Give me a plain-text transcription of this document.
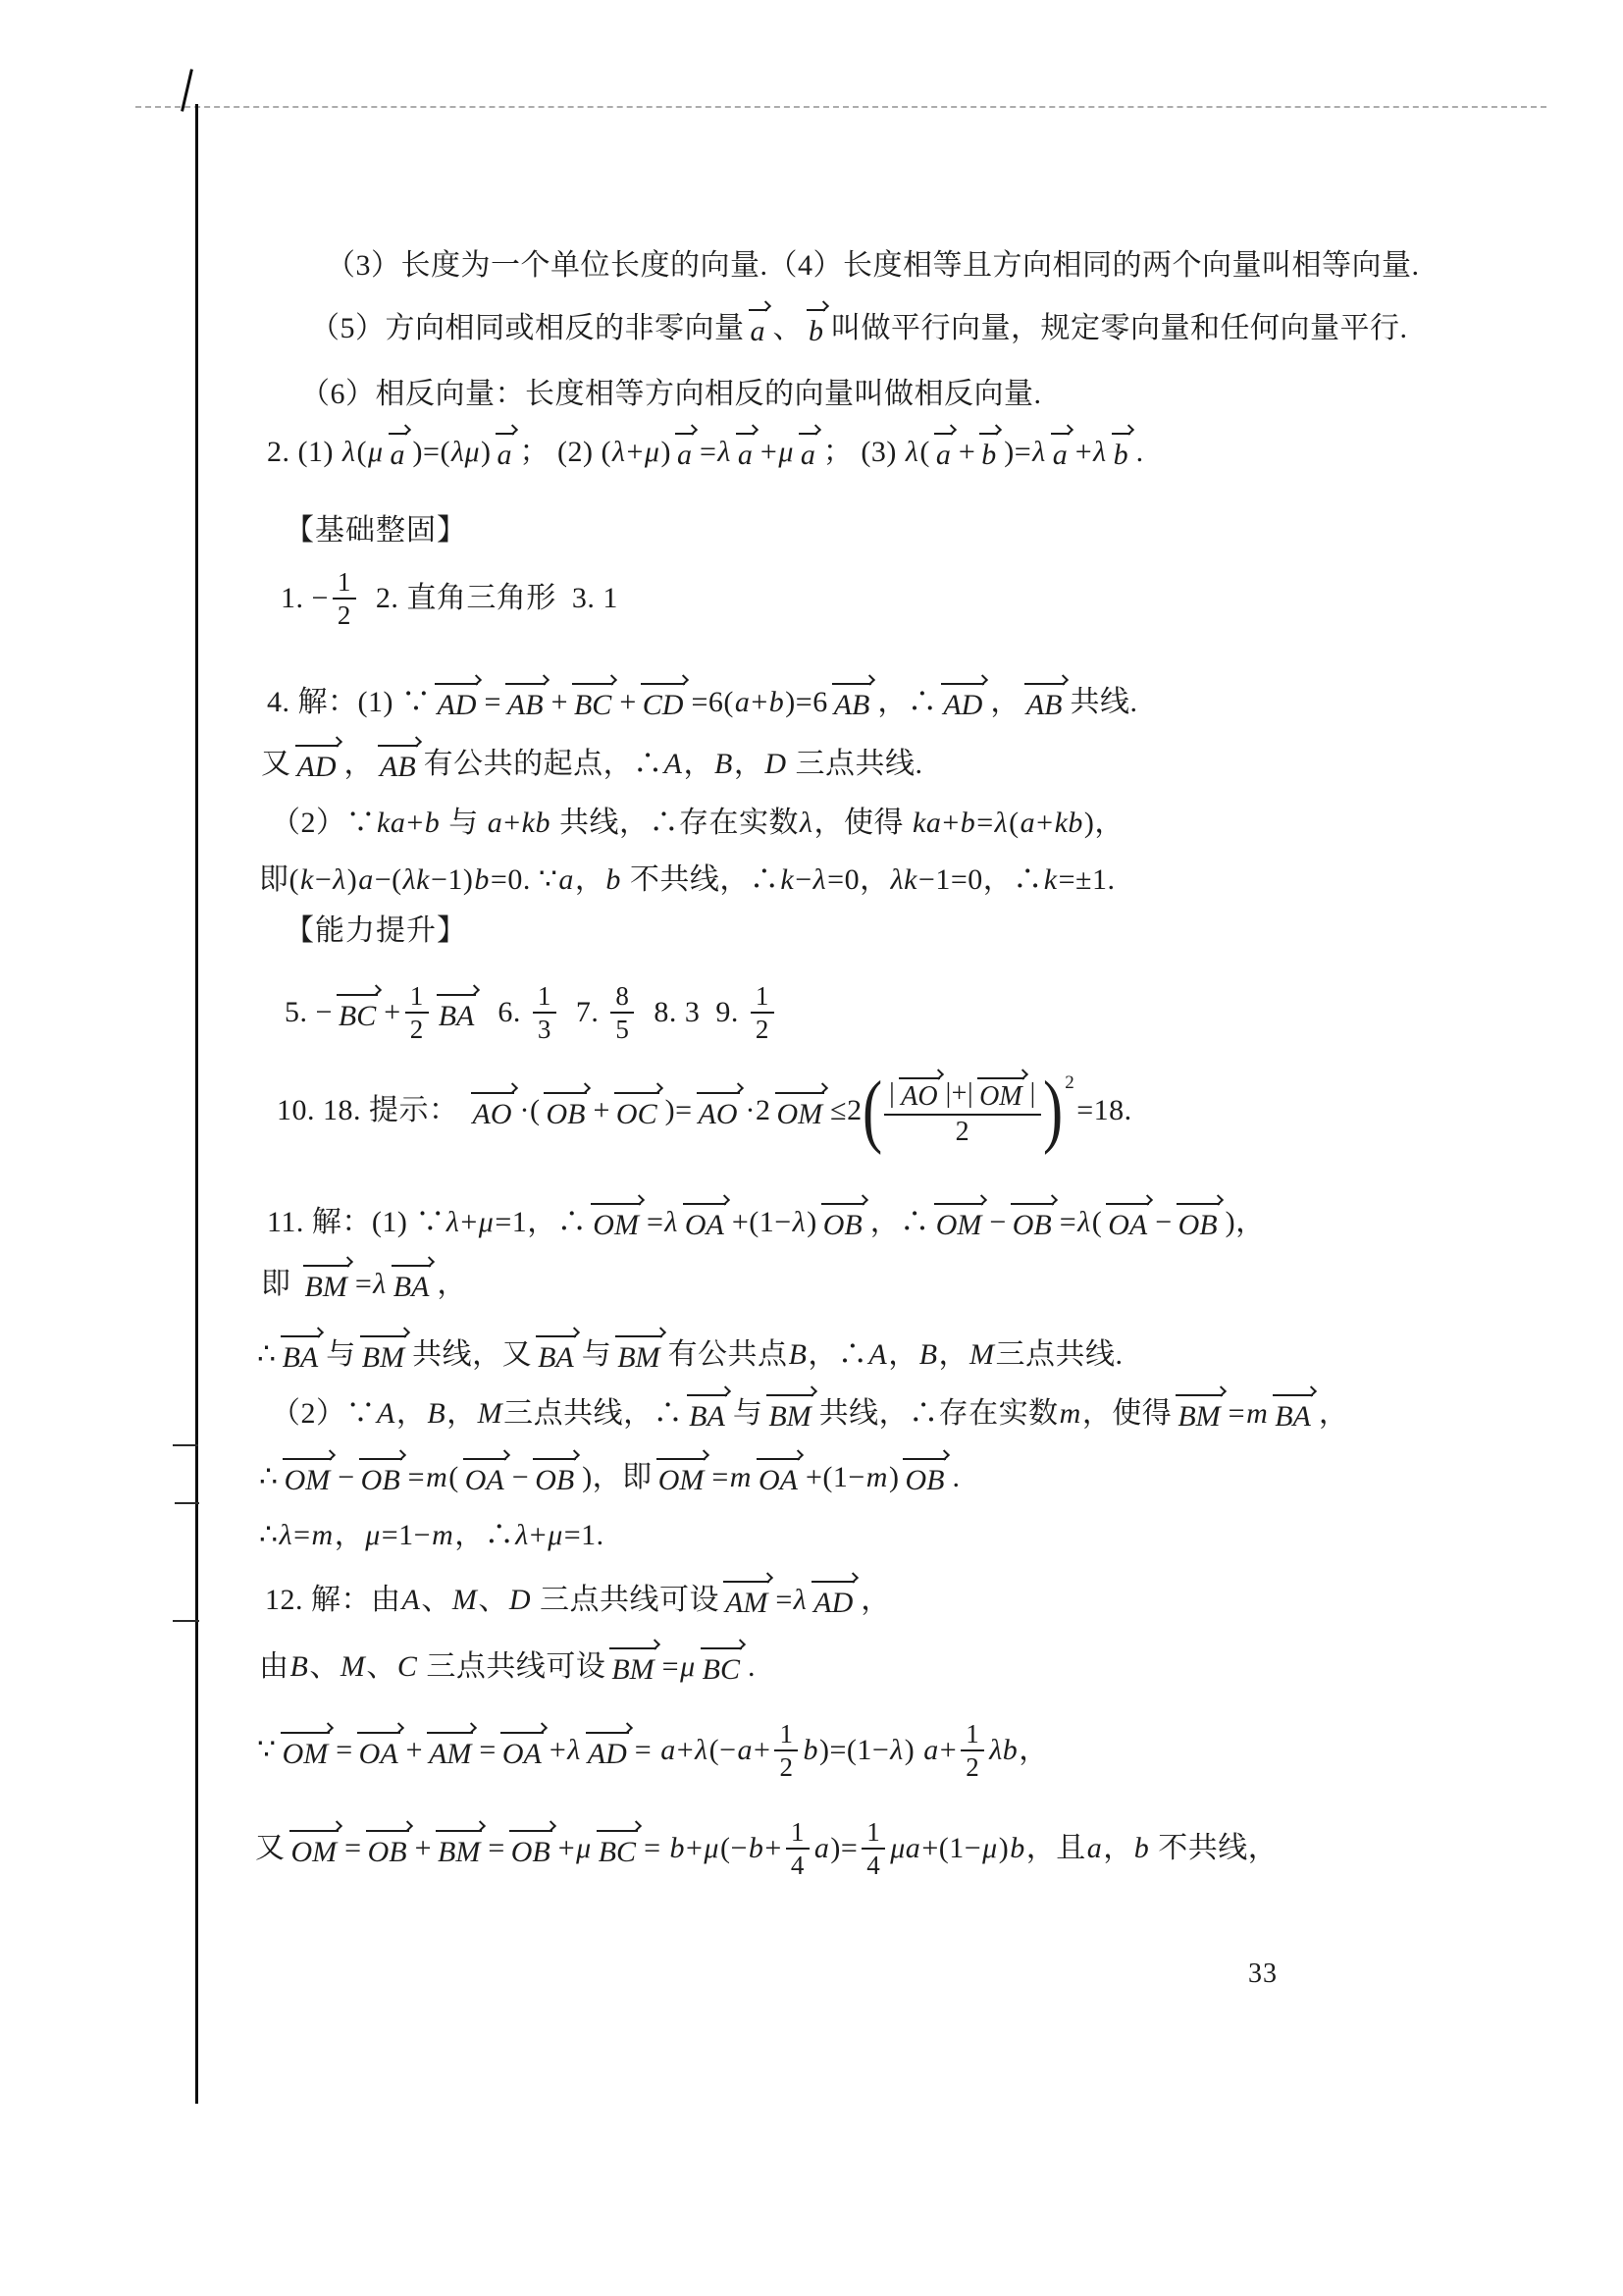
（3）长度为一个单位长度的向量.（4）长度相等且方向相同的两个向量叫相等向量.
（5）方向相同或相反的非零向量 a 、 b 叫做平行向量，规定零向量和任何向量平行.
（6）相反向量：长度相等方向相反的向量叫做相反向量.
2. (1) λ ( μ a )=( λμ ) a ； (2) ( λ + μ ) a = λ a + μ a ； (3) λ ( a + b )= λ a + λ b .
【基础整固】
1. − $\frac{1}{2} 2$. 直角三角形  3. 1
4. 解：(1) ∵ AD = AB + BC + CD =6( a + b )=6 AB ，∴ AD ， AB 共线.
又 AD ， AB 有公共的起点，∴ A ， B ， D 三点共线.
（2）∵ ka + b 与 a + kb 共线，∴存在实数 λ ，使得 ka + b = λ ( a + kb )，
即( k − λ ) a −( λk −1) b =0. ∵ a ， b 不共线，∴ k − λ =0， λk −1=0，∴ k =±1.
【能力提升】
5. − BC + $\frac{1}{2}$ BA 6. $\frac{1}{3} 7$. $\frac{8}{5} 8$. 3  9. $\frac{1}{2}$
10. 18. 提示： AO ·( OB + OC )= AO ·2 OM ≤2 ( $\frac{| AO |+| OM |}{2}$ ) 2
=18.
11. 解：(1) ∵ λ + μ =1，∴ OM = λ OA +(1− λ ) OB ，∴ OM − OB = λ ( OA − OB )，
即 BM = λ BA ，
∴ BA 与 BM 共线，又 BA 与 BM 有公共点 B ，∴ A ， B ， M 三点共线.
（2）∵ A ， B ， M 三点共线，∴ BA 与 BM 共线，∴存在实数 m ，使得 BM = m BA ，
∴ OM − OB = m ( OA − OB )，即 OM = m OA +(1− m ) OB .
∴ λ = m ， μ =1− m ，∴ λ + μ =1.
12. 解：由 A 、 M 、 D 三点共线可设 AM = λ AD ，
由 B 、 M 、 C 三点共线可设 BM = μ BC .
∵ OM = OA + AM = OA + λ AD = a + λ (− $a + \frac{1}{2}$ b )=(1− λ ) $a + \frac{1}{2}$ λb ，
又 OM = OB + BM = OB + μ BC = b + μ (− $b + \frac{1}{4}$ a )= $\frac{1}{4}$ μa +(1− μ ) b ，且 a ， b 不共线，
33
